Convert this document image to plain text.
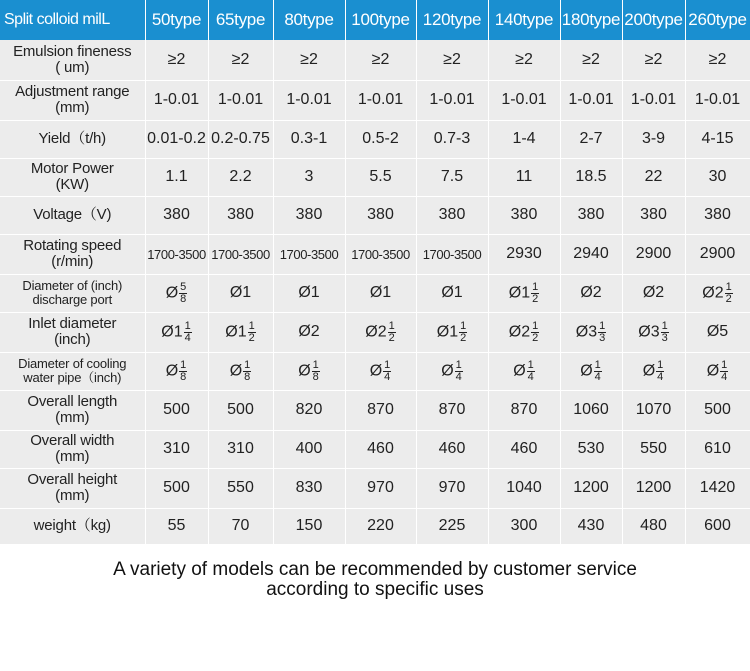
Split colloid milL	50type	65type	80type	100type	120type	140type	180type	200type	260type
Emulsion fineness
( um)	≥2	≥2	≥2	≥2	≥2	≥2	≥2	≥2	≥2
Adjustment range
(mm)	1-0.01	1-0.01	1-0.01	1-0.01	1-0.01	1-0.01	1-0.01	1-0.01	1-0.01
Yield（t/h)	0.01-0.2	0.2-0.75	0.3-1	0.5-2	0.7-3	1-4	2-7	3-9	4-15
Motor Power
(KW)	1.1	2.2	3	5.5	7.5	11	18.5	22	30
Voltage（V)	380	380	380	380	380	380	380	380	380
Rotating speed
(r/min)	1700-3500	1700-3500	1700-3500	1700-3500	1700-3500	2930	2940	2900	2900
Diameter of (inch)
discharge port	Ø $\frac{5}{8}$	Ø1	Ø1	Ø1	Ø1	Ø1 $\frac{1}{2}$	Ø2	Ø2	Ø2 $\frac{1}{2}$

Inlet diameter
(inch)	Ø1 $\frac{1}{4}$	Ø1 $\frac{1}{2}$	Ø2	Ø2 $\frac{1}{2}$	Ø1 $\frac{1}{2}$	Ø2 $\frac{1}{2}$	Ø3 $\frac{1}{3}$	Ø3 $\frac{1}{3}$	Ø5
Diameter of cooling
water pipe（inch)	Ø $\frac{1}{8}$	Ø $\frac{1}{8}$	Ø $\frac{1}{8}$	Ø $\frac{1}{4}$	Ø $\frac{1}{4}$	Ø $\frac{1}{4}$	Ø $\frac{1}{4}$	Ø $\frac{1}{4}$	Ø $\frac{1}{4}$

Overall length
(mm)	500	500	820	870	870	870	1060	1070	500
Overall width
(mm)	310	310	400	460	460	460	530	550	610
Overall height
(mm)	500	550	830	970	970	1040	1200	1200	1420
weight（kg)	55	70	150	220	225	300	430	480	600
A variety of models can be recommended by customer service
according to specific uses
